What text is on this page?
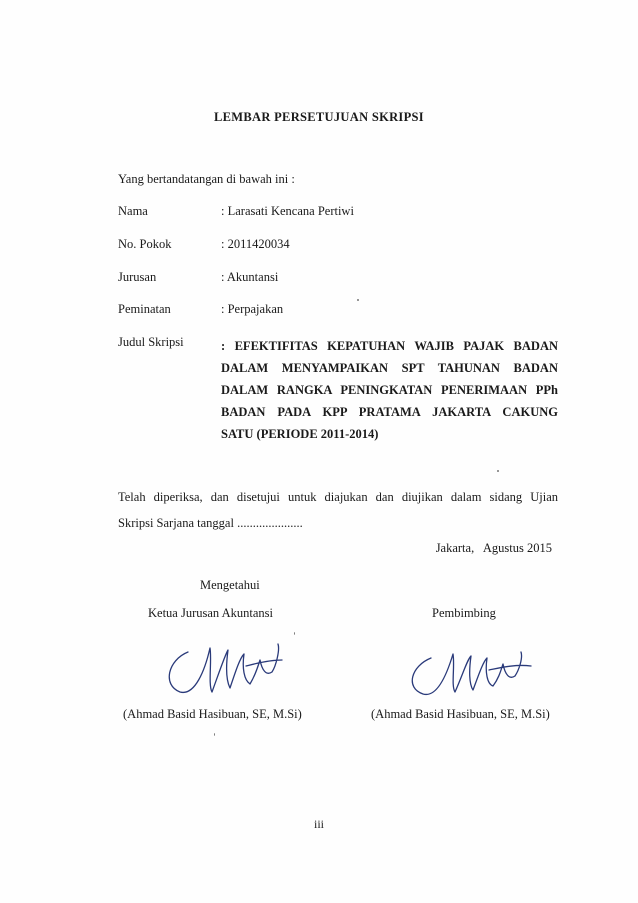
LEMBAR PERSETUJUAN SKRIPSI
Yang bertandatangan di bawah ini :
Nama	: Larasati Kencana Pertiwi
No. Pokok	: 2011420034
Jurusan	: Akuntansi
Peminatan	: Perpajakan
Judul Skripsi	: EFEKTIFITAS KEPATUHAN WAJIB PAJAK BADAN
DALAM MENYAMPAIKAN SPT TAHUNAN BADAN
DALAM RANGKA PENINGKATAN PENERIMAAN PPh
BADAN PADA KPP PRATAMA JAKARTA CAKUNG
SATU (PERIODE 2011-2014)
Telah diperiksa, dan disetujui untuk diajukan dan diujikan dalam sidang Ujian
Skripsi Sarjana tanggal .....................
Jakarta,   Agustus 2015
Mengetahui
Ketua Jurusan Akuntansi	Pembimbing
(Ahmad Basid Hasibuan, SE, M.Si)	(Ahmad Basid Hasibuan, SE, M.Si)
iii
